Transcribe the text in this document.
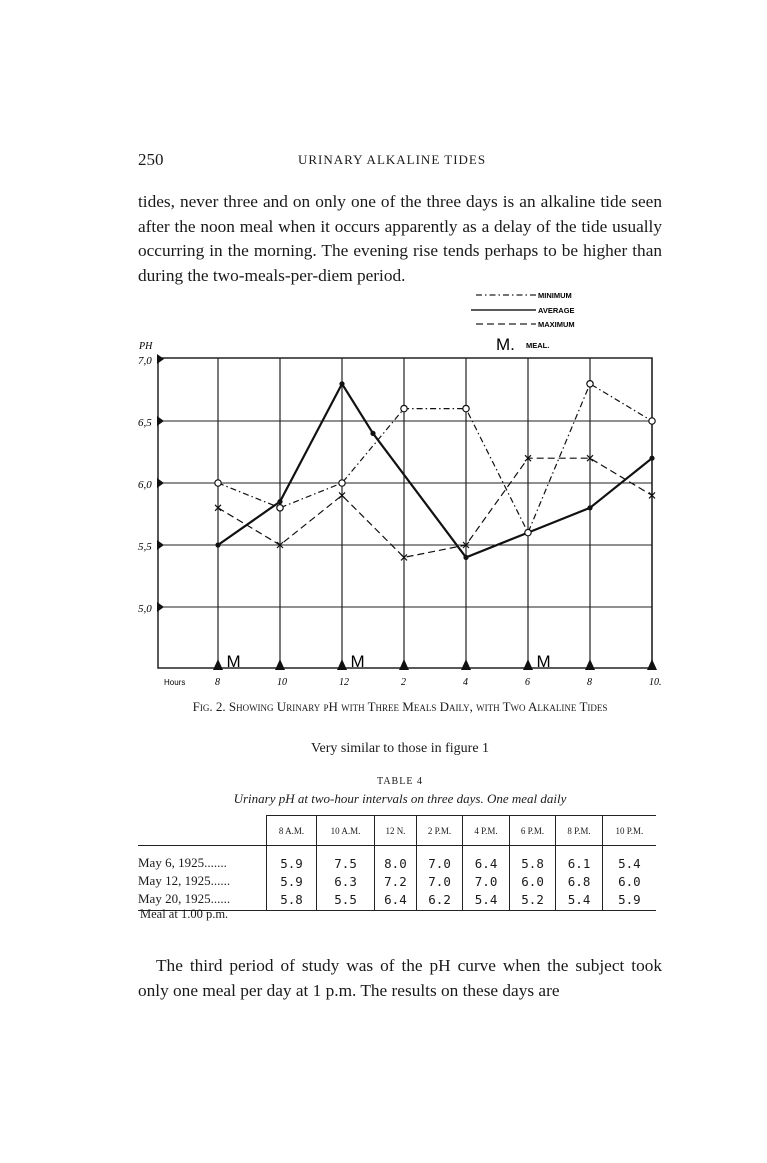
250	URINARY ALKALINE TIDES

tides, never three and on only one of the three days is an alkaline tide seen after the noon meal when it occurs apparently as a delay of the tide usually occurring in the morning. The evening rise tends perhaps to be higher than during the two-meals-per-diem period.

MINIMUM
AVERAGE
MAXIMUM
M. MEAL.
PH
7,0
6,5
6,0
5,5
5,0
8	10	12	2	4	6	8	10.
Hours
M	M	M
Fig. 2. Showing Urinary pH with Three Meals Daily, with Two Alkaline Tides
Very similar to those in figure 1
TABLE 4
Urinary pH at two-hour intervals on three days. One meal daily
	8 A.M.	10 A.M.	12 N.	2 P.M.	4 P.M.	6 P.M.	8 P.M.	10 P.M.
May 6, 1925.......	5.9	7.5	8.0	7.0	6.4	5.8	6.1	5.4
May 12, 1925......	5.9	6.3	7.2	7.0	7.0	6.0	6.8	6.0
May 20, 1925......	5.8	5.5	6.4	6.2	5.4	5.2	5.4	5.9
Meal at 1.00 p.m.

The third period of study was of the pH curve when the subject took only one meal per day at 1 p.m. The results on these days are
